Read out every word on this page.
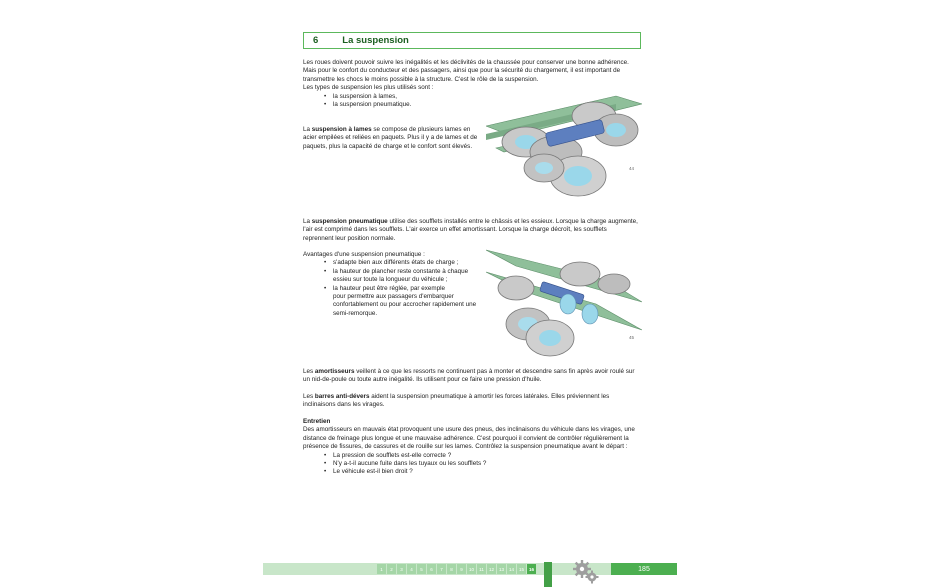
6	La suspension
Les roues doivent pouvoir suivre les inégalités et les déclivités de la chaussée pour conserver une bonne adhérence.
Mais pour le confort du conducteur et des passagers, ainsi que pour la sécurité du chargement, il est important de
transmettre les chocs le moins possible à la structure. C'est le rôle de la suspension.
Les types de suspension les plus utilisés sont :
• la suspension à lames,
• la suspension pneumatique.
La suspension à lames se compose de plusieurs lames en
acier empilées et reliées en paquets. Plus il y a de lames et de
paquets, plus la capacité de charge et le confort sont élevés.
44
La suspension pneumatique utilise des soufflets installés entre le châssis et les essieux. Lorsque la charge augmente,
l'air est comprimé dans les soufflets. L'air exerce un effet amortissant. Lorsque la charge décroît, les soufflets
reprennent leur position normale.
Avantages d'une suspension pneumatique :
• s'adapte bien aux différents états de charge ;
• la hauteur de plancher reste constante à chaque
essieu sur toute la longueur du véhicule ;
• la hauteur peut être réglée, par exemple
pour permettre aux passagers d'embarquer
confortablement ou pour accrocher rapidement une
semi-remorque.
45
Les amortisseurs veillent à ce que les ressorts ne continuent pas à monter et descendre sans fin après avoir roulé sur
un nid-de-poule ou toute autre inégalité. Ils utilisent pour ce faire une pression d'huile.
Les barres anti-dévers aident la suspension pneumatique à amortir les forces latérales. Elles préviennent les
inclinaisons dans les virages.
Entretien
Des amortisseurs en mauvais état provoquent une usure des pneus, des inclinaisons du véhicule dans les virages, une
distance de freinage plus longue et une mauvaise adhérence. C'est pourquoi il convient de contrôler régulièrement la
présence de fissures, de cassures et de rouille sur les lames. Contrôlez la suspension pneumatique avant le départ :
• La pression de soufflets est-elle correcte ?
• N'y a-t-il aucune fuite dans les tuyaux ou les soufflets ?
• Le véhicule est-il bien droit ?
1	2	3	4	5	6	7	8	9	10	11	12	13	14	15	16	185
